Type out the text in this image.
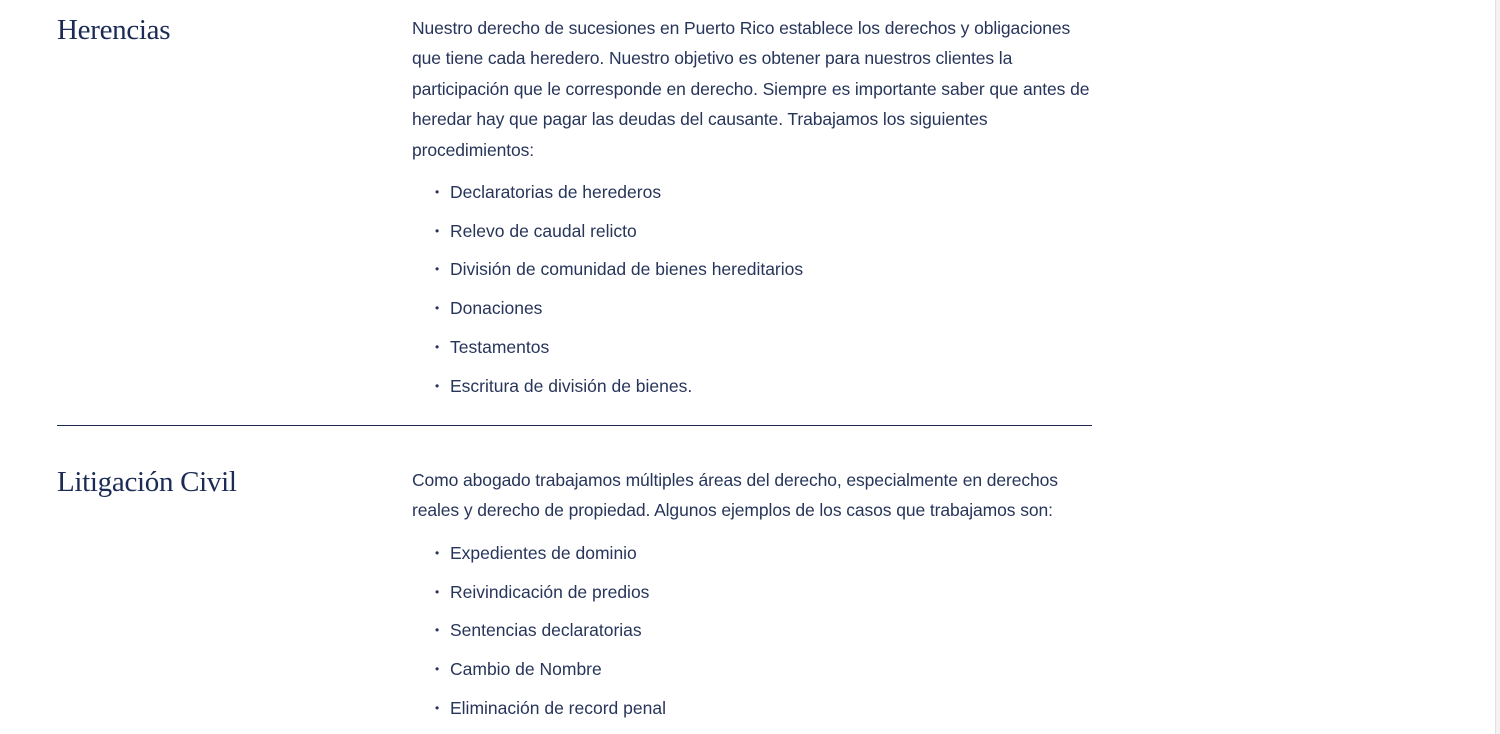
Herencias	Nuestro derecho de sucesiones en Puerto Rico establece los derechos y obligaciones que tiene cada heredero. Nuestro objetivo es obtener para nuestros clientes la participación que le corresponde en derecho. Siempre es importante saber que antes de heredar hay que pagar las deudas del causante. Trabajamos los siguientes procedimientos:

• Declaratorias de herederos
• Relevo de caudal relicto
• División de comunidad de bienes hereditarios
• Donaciones
• Testamentos
• Escritura de división de bienes.
Litigación Civil	Como abogado trabajamos múltiples áreas del derecho, especialmente en derechos reales y derecho de propiedad. Algunos ejemplos de los casos que trabajamos son:

• Expedientes de dominio
• Reivindicación de predios
• Sentencias declaratorias
• Cambio de Nombre
• Eliminación de record penal
